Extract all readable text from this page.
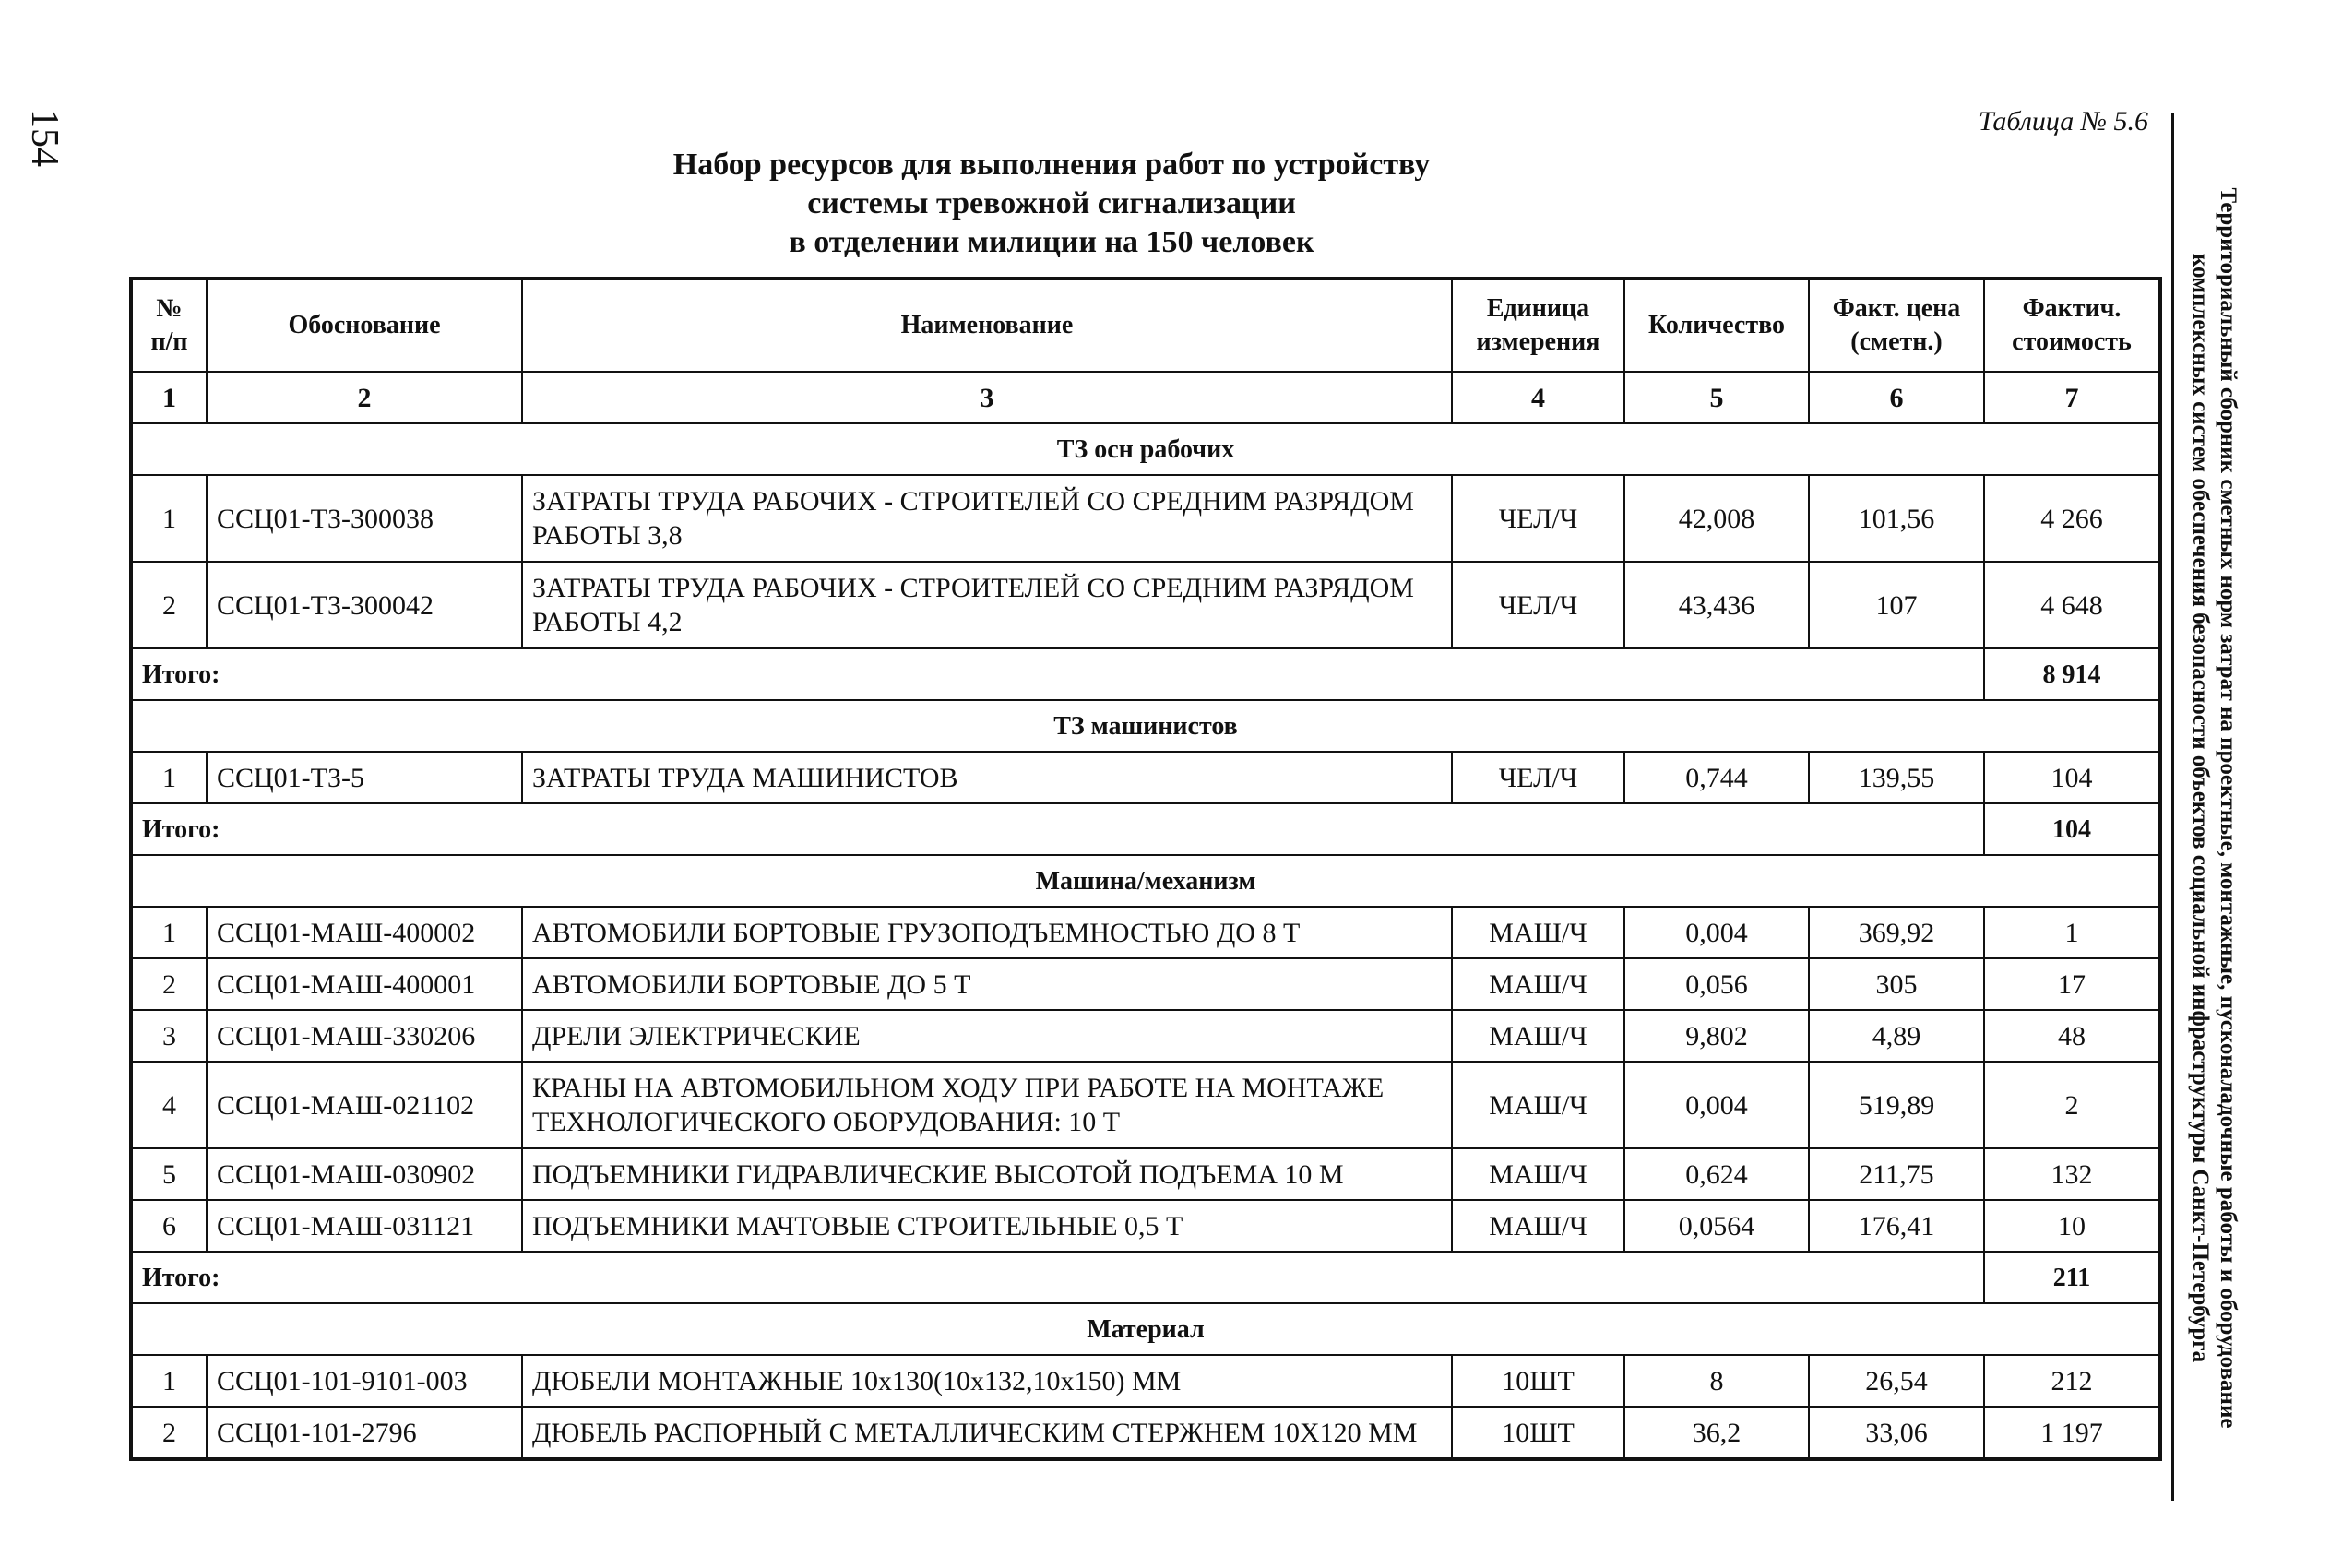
154	Таблица № 5.6
Набор ресурсов для выполнения работ по устройству
системы тревожной сигнализации
в отделении милиции на 150 человек	Территориальный сборник сметных норм затрат на проектные, монтажные, пусконаладочные работы и оборудование
комплексных систем обеспечения безопасности объектов социальной инфраструктуры Санкт-Петербурга
№ п/п	Обоснование	Наименование	Единица измерения	Количество	Факт. цена (сметн.)	Фактич. стоимость
1	2	3	4	5	6	7
ТЗ осн рабочих						
1	ССЦ01-ТЗ-300038	ЗАТРАТЫ ТРУДА РАБОЧИХ - СТРОИТЕЛЕЙ СО СРЕДНИМ РАЗРЯДОМ РАБОТЫ 3,8	ЧЕЛ/Ч	42,008	101,56	4 266
2	ССЦ01-ТЗ-300042	ЗАТРАТЫ ТРУДА РАБОЧИХ - СТРОИТЕЛЕЙ СО СРЕДНИМ РАЗРЯДОМ РАБОТЫ 4,2	ЧЕЛ/Ч	43,436	107	4 648
Итого:						8 914
ТЗ машинистов						
1	ССЦ01-ТЗ-5	ЗАТРАТЫ ТРУДА МАШИНИСТОВ	ЧЕЛ/Ч	0,744	139,55	104
Итого:						104
Машина/механизм						
1	ССЦ01-МАШ-400002	АВТОМОБИЛИ БОРТОВЫЕ ГРУЗОПОДЪЕМНОСТЬЮ ДО 8 Т	МАШ/Ч	0,004	369,92	1
2	ССЦ01-МАШ-400001	АВТОМОБИЛИ БОРТОВЫЕ ДО 5 Т	МАШ/Ч	0,056	305	17
3	ССЦ01-МАШ-330206	ДРЕЛИ ЭЛЕКТРИЧЕСКИЕ	МАШ/Ч	9,802	4,89	48
4	ССЦ01-МАШ-021102	КРАНЫ НА АВТОМОБИЛЬНОМ ХОДУ ПРИ РАБОТЕ НА МОНТАЖЕ ТЕХНОЛОГИЧЕСКОГО ОБОРУДОВАНИЯ: 10 Т	МАШ/Ч	0,004	519,89	2
5	ССЦ01-МАШ-030902	ПОДЪЕМНИКИ ГИДРАВЛИЧЕСКИЕ ВЫСОТОЙ ПОДЪЕМА 10 М	МАШ/Ч	0,624	211,75	132
6	ССЦ01-МАШ-031121	ПОДЪЕМНИКИ МАЧТОВЫЕ СТРОИТЕЛЬНЫЕ 0,5 Т	МАШ/Ч	0,0564	176,41	10
Итого:						211
Материал						
1	ССЦ01-101-9101-003	ДЮБЕЛИ МОНТАЖНЫЕ 10х130(10х132,10х150) ММ	10ШТ	8	26,54	212
2	ССЦ01-101-2796	ДЮБЕЛЬ РАСПОРНЫЙ С МЕТАЛЛИЧЕСКИМ СТЕРЖНЕМ 10Х120 ММ	10ШТ	36,2	33,06	1 197
